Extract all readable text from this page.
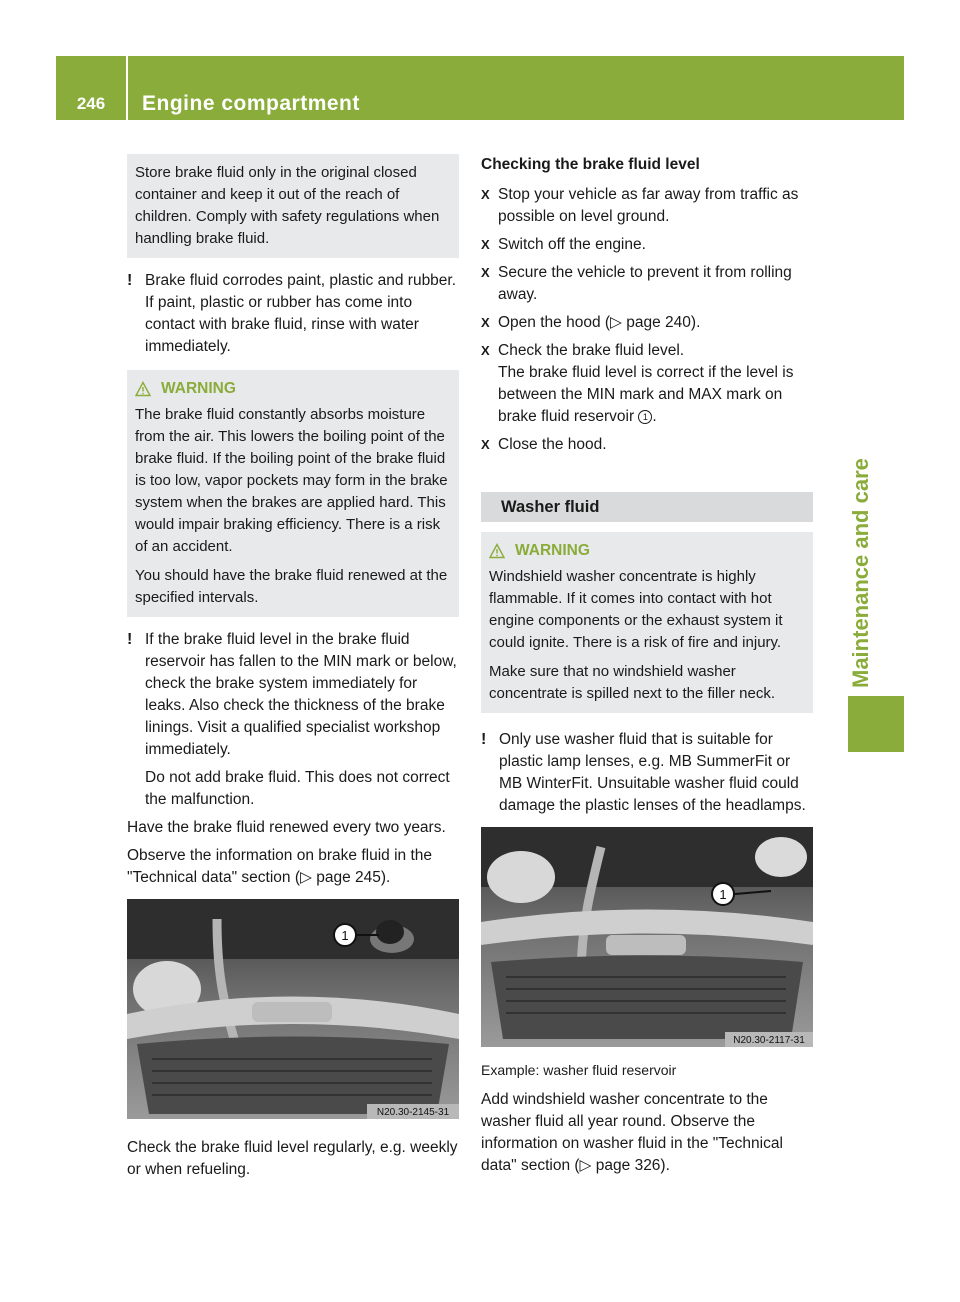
246	Engine compartment
Maintenance and care

Store brake fluid only in the original closed container and keep it out of the reach of children. Comply with safety regulations when handling brake fluid.

! Brake fluid corrodes paint, plastic and rubber. If paint, plastic or rubber has come into contact with brake fluid, rinse with water immediately.
WARNING

The brake fluid constantly absorbs moisture from the air. This lowers the boiling point of the brake fluid. If the boiling point of the brake fluid is too low, vapor pockets may form in the brake system when the brakes are applied hard. This would impair braking efficiency. There is a risk of an accident.

You should have the brake fluid renewed at the specified intervals.

! If the brake fluid level in the brake fluid reservoir has fallen to the MIN mark or below, check the brake system immediately for leaks. Also check the thickness of the brake linings. Visit a qualified specialist workshop immediately.

Do not add brake fluid. This does not correct the malfunction.

Have the brake fluid renewed every two years.

Observe the information on brake fluid in the "Technical data" section (▷ page 245).

1
N20.30-2145-31

Check the brake fluid level regularly, e.g. weekly or when refueling.

Checking the brake fluid level
X Stop your vehicle as far away from traffic as possible on level ground.
X Switch off the engine.
X Secure the vehicle to prevent it from rolling away.
X Open the hood (▷ page 240).
X Check the brake fluid level.

The brake fluid level is correct if the level is between the MIN mark and MAX mark on brake fluid reservoir 1 .

X Close the hood.
Washer fluid
WARNING

Windshield washer concentrate is highly flammable. If it comes into contact with hot engine components or the exhaust system it could ignite. There is a risk of fire and injury.

Make sure that no windshield washer concentrate is spilled next to the filler neck.

! Only use washer fluid that is suitable for plastic lamp lenses, e.g. MB SummerFit or MB WinterFit. Unsuitable washer fluid could damage the plastic lenses of the headlamps.
1
N20.30-2117-31
Example: washer fluid reservoir

Add windshield washer concentrate to the washer fluid all year round. Observe the information on washer fluid in the "Technical data" section (▷ page 326).
